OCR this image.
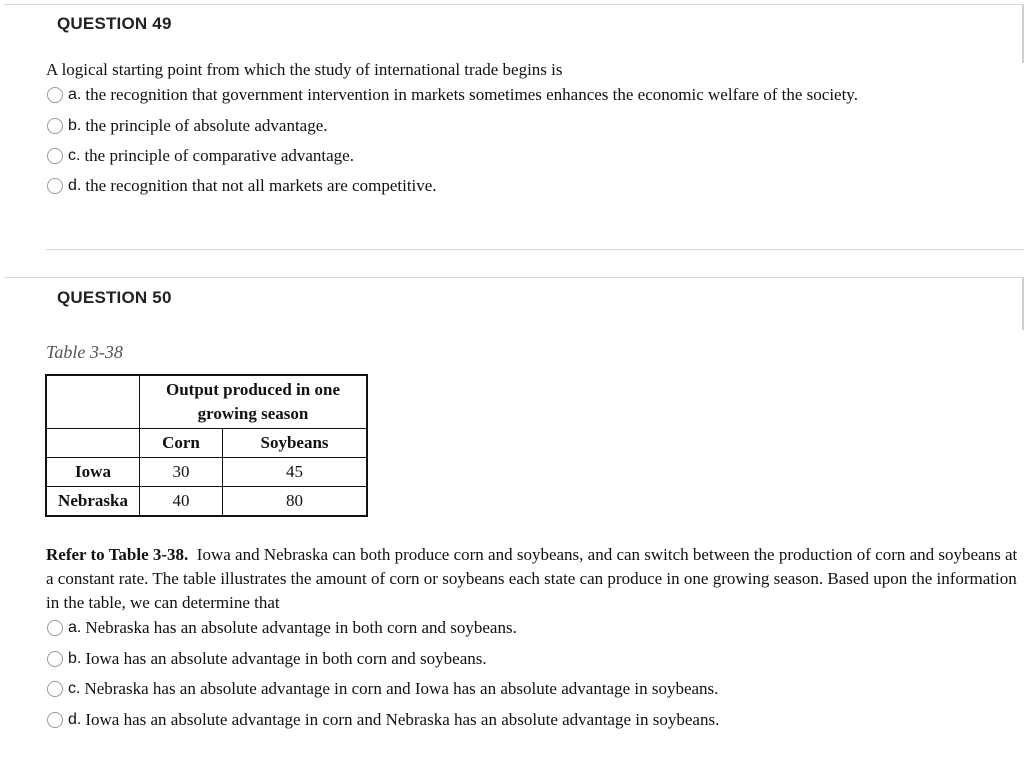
QUESTION 49
A logical starting point from which the study of international trade begins is
a. the recognition that government intervention in markets sometimes enhances the economic welfare of the society.
b. the principle of absolute advantage.
c. the principle of comparative advantage.
d. the recognition that not all markets are competitive.
QUESTION 50
Table 3-38
	Output produced in one growing season	
	Corn	Soybeans
Iowa	30	45
Nebraska	40	80
Refer to Table 3-38. Iowa and Nebraska can both produce corn and soybeans, and can switch between the production of corn and soybeans at a constant rate. The table illustrates the amount of corn or soybeans each state can produce in one growing season. Based upon the information in the table, we can determine that
a. Nebraska has an absolute advantage in both corn and soybeans.
b. Iowa has an absolute advantage in both corn and soybeans.
c. Nebraska has an absolute advantage in corn and Iowa has an absolute advantage in soybeans.
d. Iowa has an absolute advantage in corn and Nebraska has an absolute advantage in soybeans.
